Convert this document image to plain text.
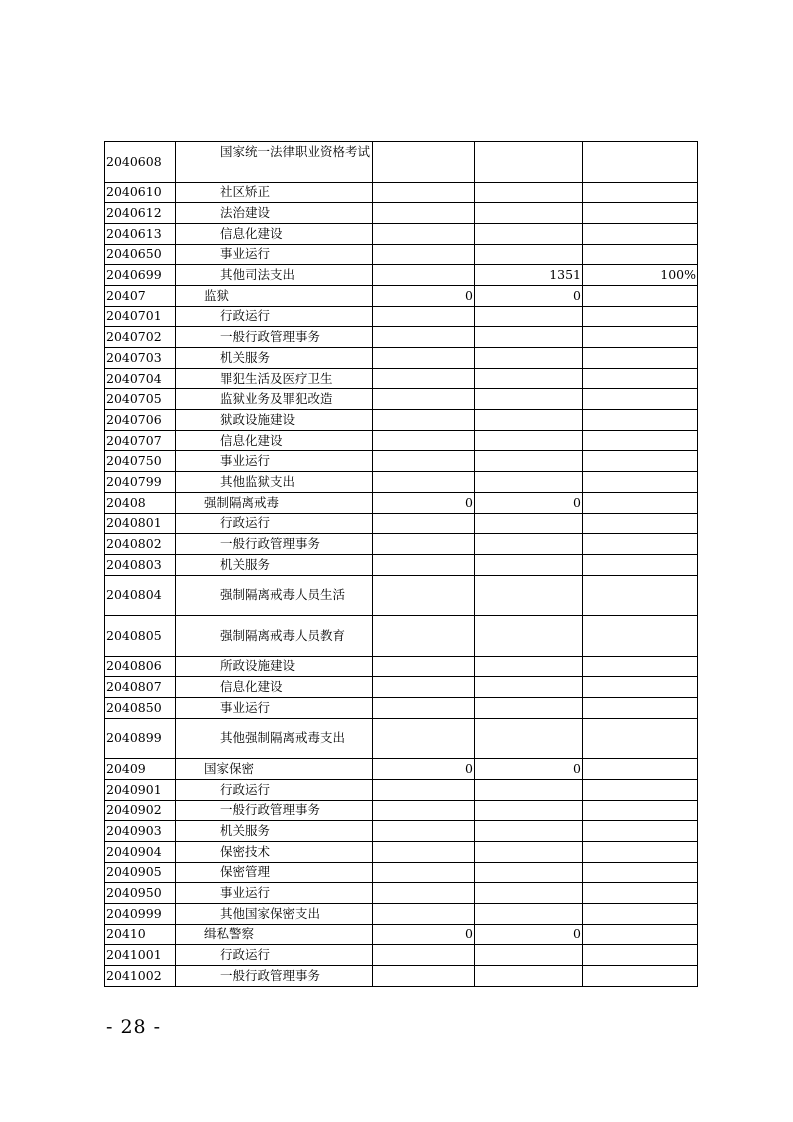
2040608	国家统一法律职业资格考试			
2040610	社区矫正			
2040612	法治建设			
2040613	信息化建设			
2040650	事业运行			
2040699	其他司法支出		1351	100%
20407	监狱	0	0	
2040701	行政运行			
2040702	一般行政管理事务			
2040703	机关服务			
2040704	罪犯生活及医疗卫生			
2040705	监狱业务及罪犯改造			
2040706	狱政设施建设			
2040707	信息化建设			
2040750	事业运行			
2040799	其他监狱支出			
20408	强制隔离戒毒	0	0	
2040801	行政运行			
2040802	一般行政管理事务			
2040803	机关服务			
2040804	强制隔离戒毒人员生活			
2040805	强制隔离戒毒人员教育			
2040806	所政设施建设			
2040807	信息化建设			
2040850	事业运行			
2040899	其他强制隔离戒毒支出			
20409	国家保密	0	0	
2040901	行政运行			
2040902	一般行政管理事务			
2040903	机关服务			
2040904	保密技术			
2040905	保密管理			
2040950	事业运行			
2040999	其他国家保密支出			
20410	缉私警察	0	0	
2041001	行政运行			
2041002	一般行政管理事务			
- 28 -
